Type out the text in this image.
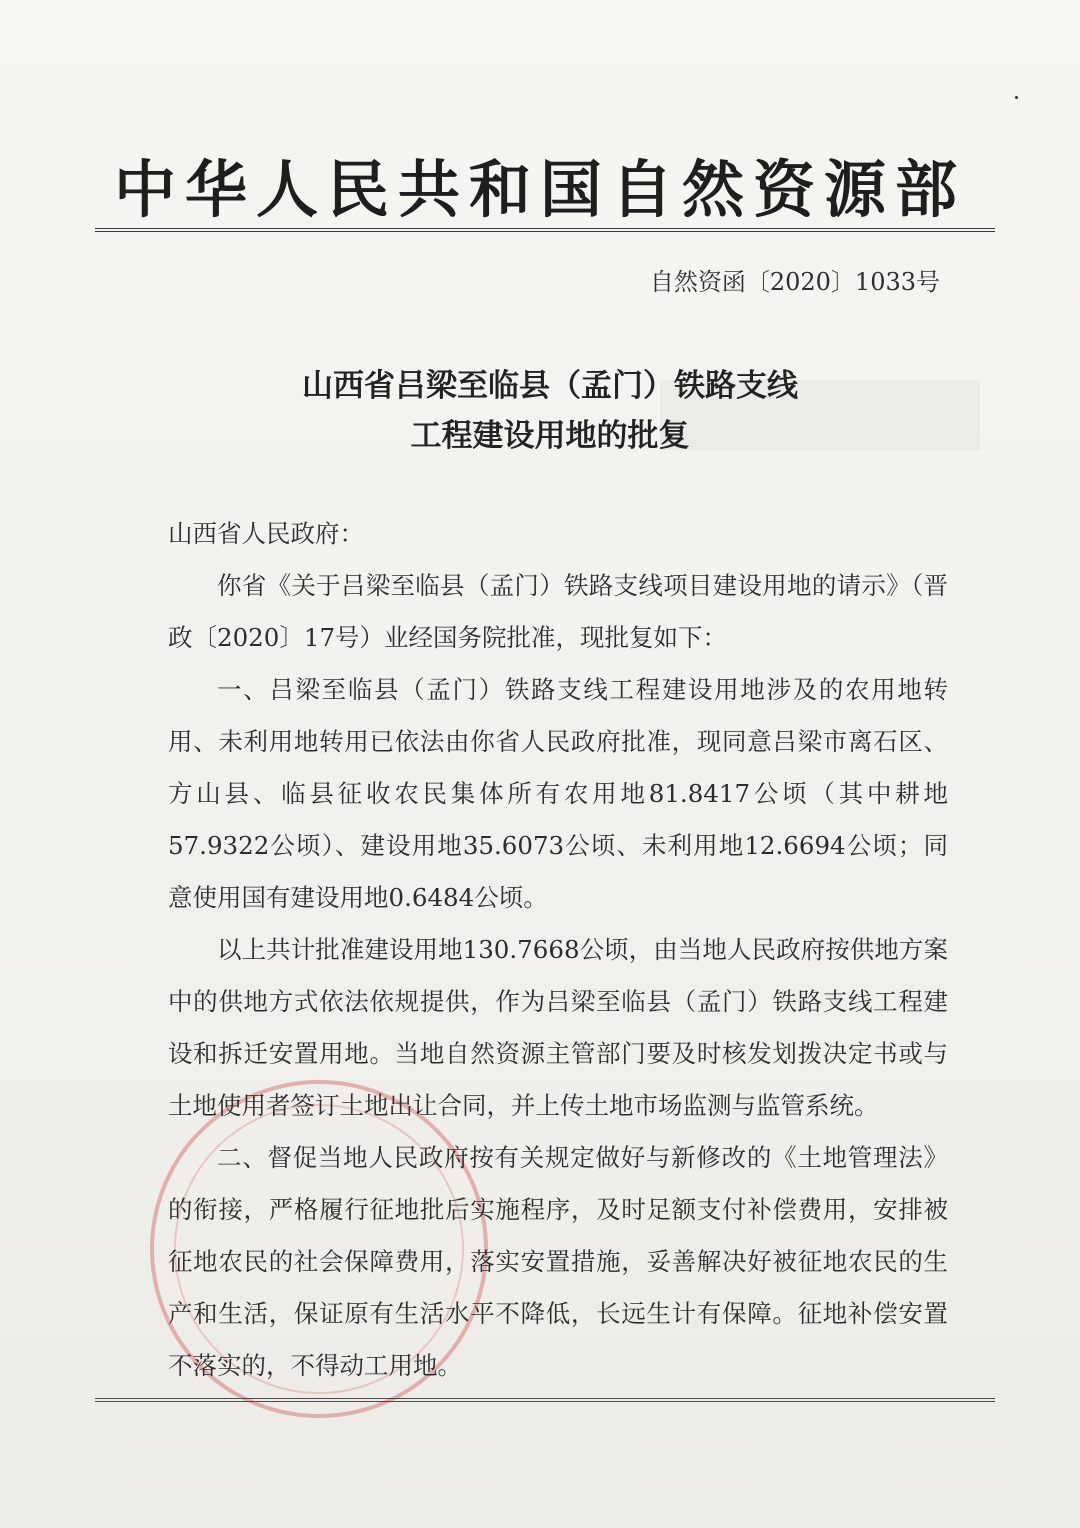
中华人民共和国自然资源部
自然资函〔2020〕1033号
山西省吕梁至临县（孟门）铁路支线
工程建设用地的批复

山西省人民政府：

你省《关于吕梁至临县（孟门）铁路支线项目建设用地的请示》（晋政〔2020〕17号）业经国务院批准，现批复如下：

一、吕梁至临县（孟门）铁路支线工程建设用地涉及的农用地转用、未利用地转用已依法由你省人民政府批准，现同意吕梁市离石区、方山县、临县征收农民集体所有农用地81.8417公顷（其中耕地57.9322公顷）、建设用地35.6073公顷、未利用地12.6694公顷；同意使用国有建设用地0.6484公顷。

以上共计批准建设用地130.7668公顷，由当地人民政府按供地方案中的供地方式依法依规提供，作为吕梁至临县（孟门）铁路支线工程建设和拆迁安置用地。当地自然资源主管部门要及时核发划拨决定书或与土地使用者签订土地出让合同，并上传土地市场监测与监管系统。

二、督促当地人民政府按有关规定做好与新修改的《土地管理法》的衔接，严格履行征地批后实施程序，及时足额支付补偿费用，安排被征地农民的社会保障费用，落实安置措施，妥善解决好被征地农民的生产和生活，保证原有生活水平不降低，长远生计有保障。征地补偿安置不落实的，不得动工用地。
